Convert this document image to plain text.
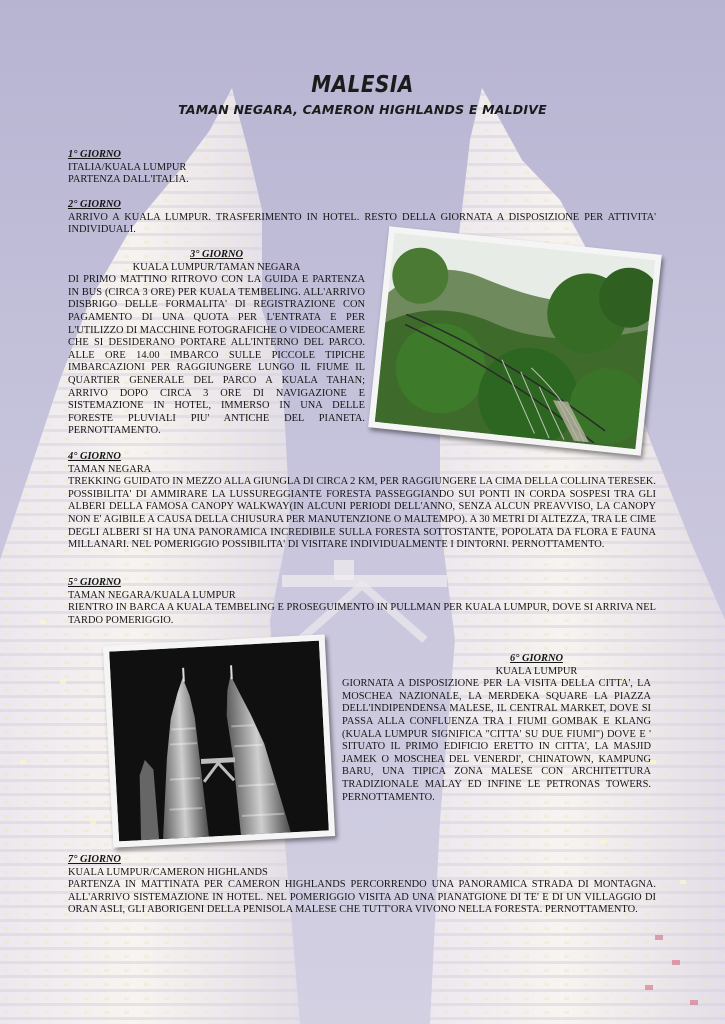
MALESIA
TAMAN NEGARA, CAMERON HIGHLANDS E MALDIVE
1° GIORNO
ITALIA/KUALA LUMPUR

PARTENZA DALL'ITALIA.

2° GIORNO

ARRIVO A KUALA LUMPUR. TRASFERIMENTO IN HOTEL. RESTO DELLA GIORNATA A DISPOSIZIONE PER ATTIVITA' INDIVIDUALI.

3° GIORNO
KUALA LUMPUR/TAMAN NEGARA

DI PRIMO MATTINO RITROVO CON LA GUIDA E PARTENZA IN BUS (CIRCA 3 ORE) PER KUALA TEMBELING. ALL'ARRIVO DISBRIGO DELLE FORMALITA' DI REGISTRAZIONE CON PAGAMENTO DI UNA QUOTA PER L'ENTRATA E PER L'UTILIZZO DI MACCHINE FOTOGRAFICHE O VIDEOCAMERE CHE SI DESIDERANO PORTARE ALL'INTERNO DEL PARCO. ALLE ORE 14.00 IMBARCO SULLE PICCOLE TIPICHE IMBARCAZIONI PER RAGGIUNGERE LUNGO IL FIUME IL QUARTIER GENERALE DEL PARCO A KUALA TAHAN; ARRIVO DOPO CIRCA 3 ORE DI NAVIGAZIONE E SISTEMAZIONE IN HOTEL, IMMERSO IN UNA DELLE FORESTE PLUVIALI PIU' ANTICHE DEL PIANETA. PERNOTTAMENTO.

4° GIORNO
TAMAN NEGARA

TREKKING GUIDATO IN MEZZO ALLA GIUNGLA DI CIRCA 2 KM, PER RAGGIUNGERE LA CIMA DELLA COLLINA TERESEK. POSSIBILITA' DI AMMIRARE LA LUSSUREGGIANTE FORESTA PASSEGGIANDO SUI PONTI IN CORDA SOSPESI TRA GLI ALBERI DELLA FAMOSA CANOPY WALKWAY(IN ALCUNI PERIODI DELL'ANNO, SENZA ALCUN PREAVVISO, LA CANOPY NON E' AGIBILE A CAUSA DELLA CHIUSURA PER MANUTENZIONE O MALTEMPO). A 30 METRI DI ALTEZZA, TRA LE CIME DEGLI ALBERI SI HA UNA PANORAMICA INCREDIBILE SULLA FORESTA SOTTOSTANTE, POPOLATA DA FLORA E FAUNA MILLANARI. NEL POMERIGGIO POSSIBILITA' DI VISITARE INDIVIDUALMENTE I DINTORNI. PERNOTTAMENTO.

5° GIORNO
TAMAN NEGARA/KUALA LUMPUR

RIENTRO IN BARCA A KUALA TEMBELING E PROSEGUIMENTO IN PULLMAN PER KUALA LUMPUR, DOVE SI ARRIVA NEL TARDO POMERIGGIO.

6° GIORNO
KUALA LUMPUR

GIORNATA A DISPOSIZIONE PER LA VISITA DELLA CITTA', LA MOSCHEA NAZIONALE, LA MERDEKA SQUARE LA PIAZZA DELL'INDIPENDENSA MALESE, IL CENTRAL MARKET, DOVE SI PASSA ALLA CONFLUENZA TRA I FIUMI GOMBAK E KLANG (KUALA LUMPUR SIGNIFICA "CITTA' SU DUE FIUMI") DOVE E ' SITUATO IL PRIMO EDIFICIO ERETTO IN CITTA', LA MASJID JAMEK O MOSCHEA DEL VENERDI', CHINATOWN, KAMPUNG BARU, UNA TIPICA ZONA MALESE CON ARCHITETTURA TRADIZIONALE MALAY ED INFINE LE PETRONAS TOWERS. PERNOTTAMENTO.

7° GIORNO
KUALA LUMPUR/CAMERON HIGHLANDS

PARTENZA IN MATTINATA PER CAMERON HIGHLANDS PERCORRENDO UNA PANORAMICA STRADA DI MONTAGNA. ALL'ARRIVO SISTEMAZIONE IN HOTEL. NEL POMERIGGIO VISITA AD UNA PIANATGIONE DI TE' E DI UN VILLAGGIO DI ORAN ASLI, GLI ABORIGENI DELLA PENISOLA MALESE CHE TUTT'ORA VIVONO NELLA FORESTA. PERNOTTAMENTO.
